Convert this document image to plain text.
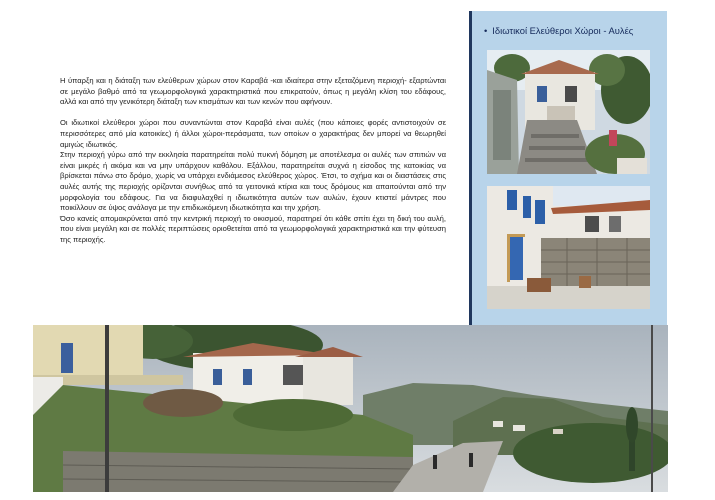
Η ύπαρξη και η διάταξη των ελεύθερων χώρων στον Καραβά -και ιδιαίτερα στην εξεταζόμενη περιοχή- εξαρτώνται σε μεγάλο βαθμό από τα γεωμορφολογικά χαρακτηριστικά που επικρατούν, όπως η μεγάλη κλίση του εδάφους, αλλά και από την γενικότερη διάταξη των κτισμάτων και των κενών που αφήνουν.

Οι ιδιωτικοί ελεύθεροι χώροι που συναντώνται στον Καραβά είναι αυλές (που κάποιες φορές αντιστοιχούν σε περισσότερες από μία κατοικίες) ή άλλοι χώροι-περάσματα, των οποίων ο χαρακτήρας δεν μπορεί να θεωρηθεί αμιγώς ιδιωτικός.

Στην περιοχή γύρω από την εκκλησία παρατηρείται πολύ πυκνή δόμηση με αποτέλεσμα οι αυλές των σπιτιών να είναι μικρές ή ακόμα και να μην υπάρχουν καθόλου. Εξάλλου, παρατηρείται συχνά η είσοδος της κατοικίας να βρίσκεται πάνω στο δρόμο, χωρίς να υπάρχει ενδιάμεσος ελεύθερος χώρος. Έτσι, το σχήμα και οι διαστάσεις στις αυλές αυτής της περιοχής ορίζονται συνήθως από τα γειτονικά κτίρια και τους δρόμους και απαιτούνται από την μορφολογία του εδάφους. Για να διαφυλαχθεί η ιδιωτικότητα αυτών των αυλών, έχουν κτιστεί μάντρες που ποικίλλουν σε ύψος ανάλογα με την επιδιωκόμενη ιδιωτικότητα και την χρήση.

Όσο κανείς απομακρύνεται από την κεντρική περιοχή το οικισμού, παρατηρεί ότι κάθε σπίτι έχει τη δική του αυλή, που είναι μεγάλη και σε πολλές περιπτώσεις οριοθετείται από τα γεωμορφολογικά χαρακτηριστικά και την φύτευση της περιοχής.

• Ιδιωτικοί Ελεύθεροι Χώροι - Αυλές
